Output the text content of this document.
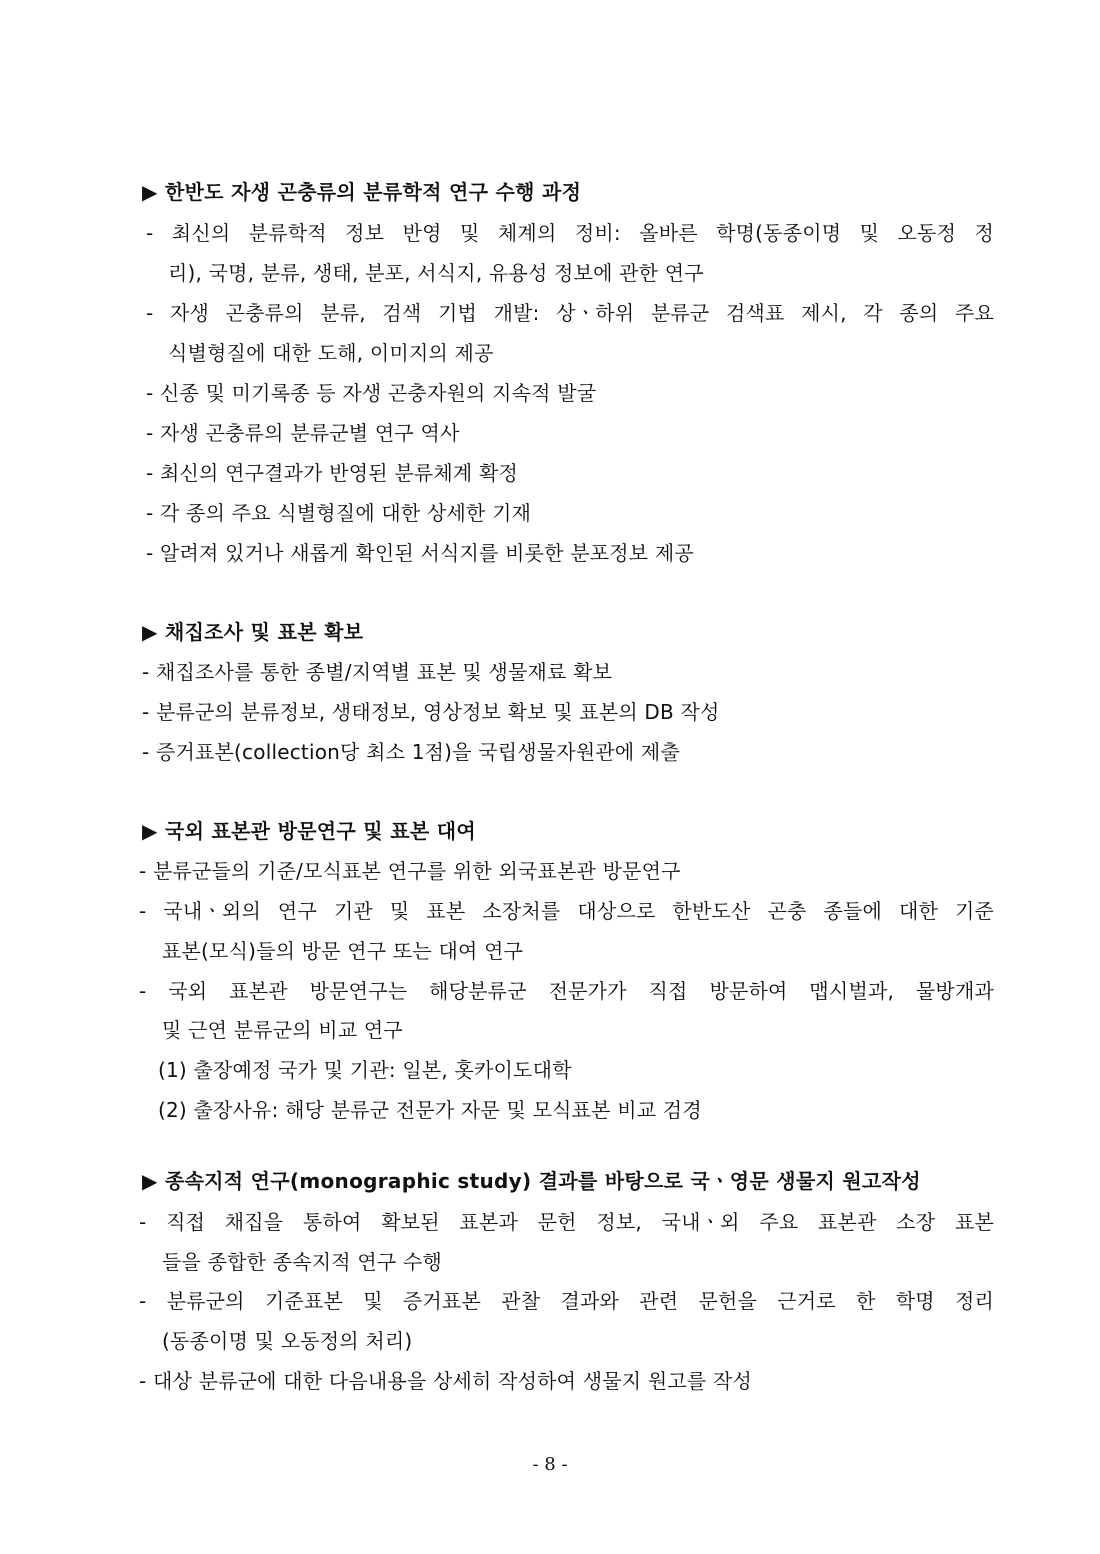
▶ 한반도 자생 곤충류의 분류학적 연구 수행 과정
- 최신의 분류학적 정보 반영 및 체계의 정비: 올바른 학명(동종이명 및 오동정 정
리), 국명, 분류, 생태, 분포, 서식지, 유용성 정보에 관한 연구
- 자생 곤충류의 분류, 검색 기법 개발: 상ㆍ하위 분류군 검색표 제시, 각 종의 주요
식별형질에 대한 도해, 이미지의 제공
- 신종 및 미기록종 등 자생 곤충자원의 지속적 발굴
- 자생 곤충류의 분류군별 연구 역사
- 최신의 연구결과가 반영된 분류체계 확정
- 각 종의 주요 식별형질에 대한 상세한 기재
- 알려져 있거나 새롭게 확인된 서식지를 비롯한 분포정보 제공
▶ 채집조사 및 표본 확보
- 채집조사를 통한 종별/지역별 표본 및 생물재료 확보
- 분류군의 분류정보, 생태정보, 영상정보 확보 및 표본의 DB 작성
- 증거표본(collection당 최소 1점)을 국립생물자원관에 제출
▶ 국외 표본관 방문연구 및 표본 대여
- 분류군들의 기준/모식표본 연구를 위한 외국표본관 방문연구
- 국내ㆍ외의 연구 기관 및 표본 소장처를 대상으로 한반도산 곤충 종들에 대한 기준
표본(모식)들의 방문 연구 또는 대여 연구
- 국외 표본관 방문연구는 해당분류군 전문가가 직접 방문하여 맵시벌과, 물방개과
및 근연 분류군의 비교 연구
(1) 출장예정 국가 및 기관: 일본, 홋카이도대학
(2) 출장사유: 해당 분류군 전문가 자문 및 모식표본 비교 검경
▶ 종속지적 연구(monographic study) 결과를 바탕으로 국ㆍ영문 생물지 원고작성
- 직접 채집을 통하여 확보된 표본과 문헌 정보, 국내ㆍ외 주요 표본관 소장 표본
들을 종합한 종속지적 연구 수행
- 분류군의 기준표본 및 증거표본 관찰 결과와 관련 문헌을 근거로 한 학명 정리
(동종이명 및 오동정의 처리)
- 대상 분류군에 대한 다음내용을 상세히 작성하여 생물지 원고를 작성
- 8 -
